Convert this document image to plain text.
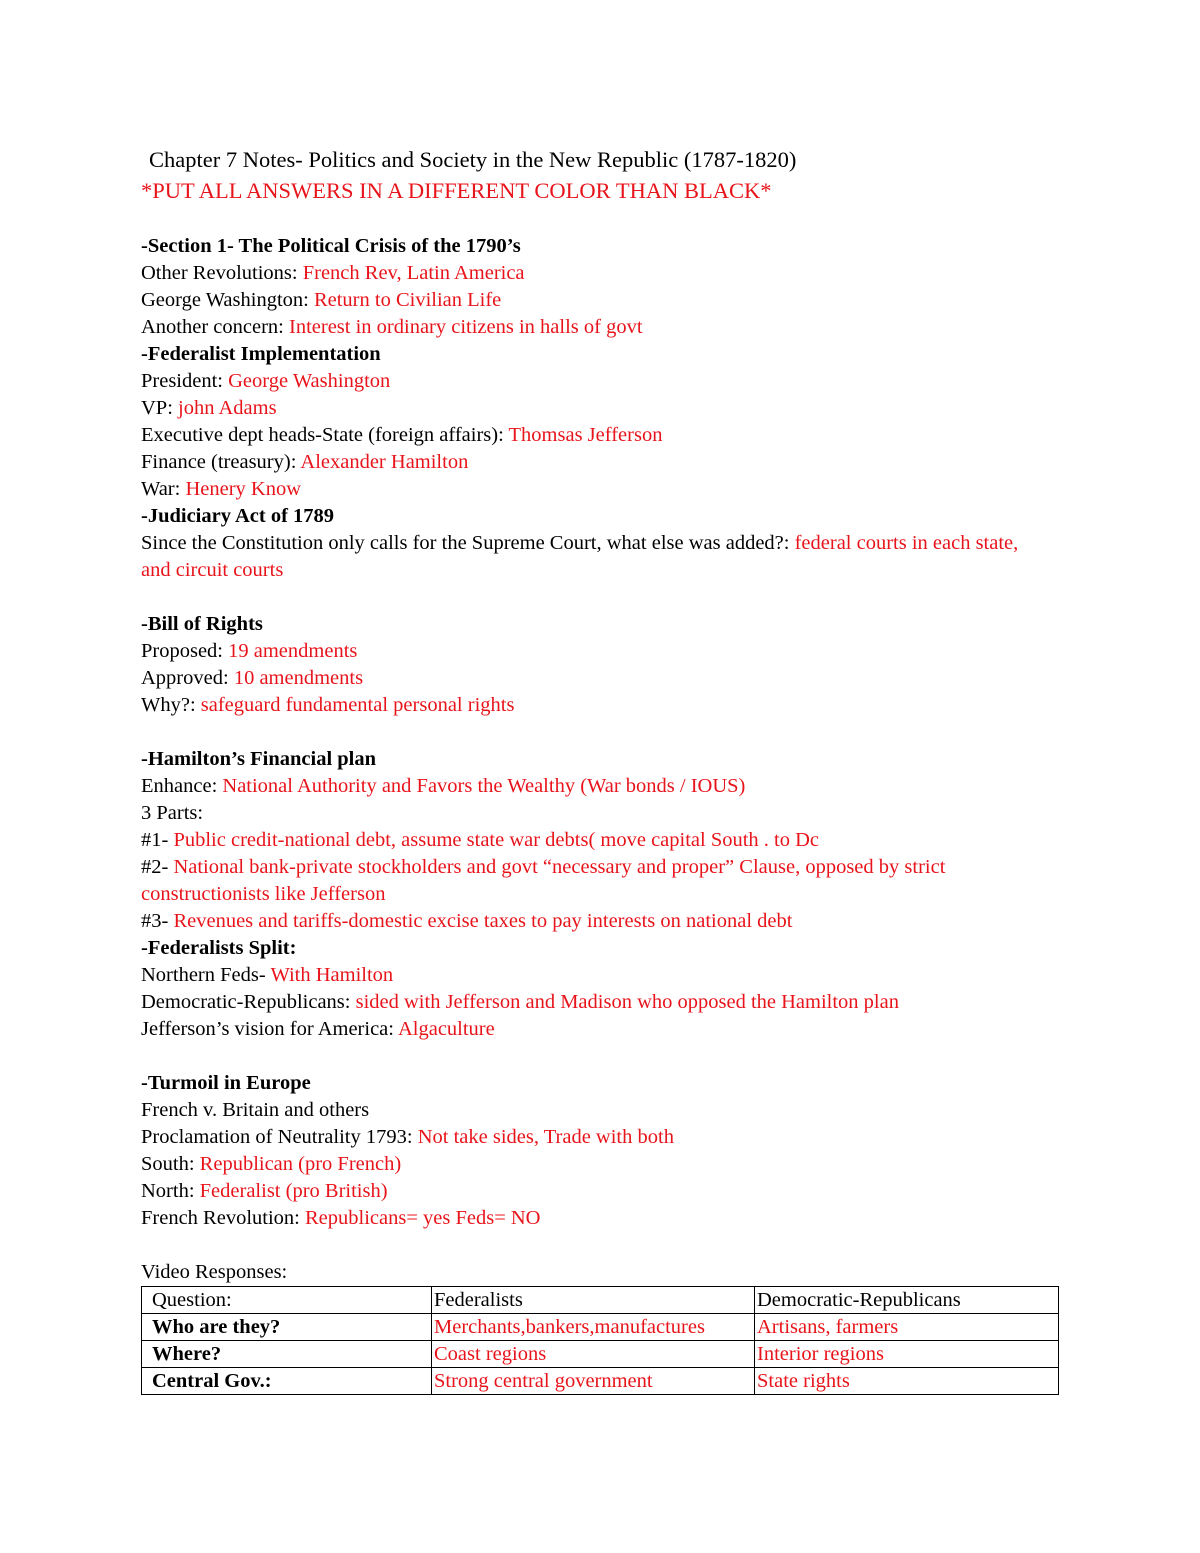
Chapter 7 Notes- Politics and Society in the New Republic (1787-1820)
*PUT ALL ANSWERS IN A DIFFERENT COLOR THAN BLACK*
-Section 1- The Political Crisis of the 1790’s
Other Revolutions: French Rev, Latin America
George Washington: Return to Civilian Life
Another concern: Interest in ordinary citizens in halls of govt
-Federalist Implementation
President: George Washington
VP: john Adams
Executive dept heads-State (foreign affairs): Thomsas Jefferson
Finance (treasury): Alexander Hamilton
War: Henery Know
-Judiciary Act of 1789
Since the Constitution only calls for the Supreme Court, what else was added?: federal courts in each state, and circuit courts
-Bill of Rights
Proposed: 19 amendments
Approved: 10 amendments
Why?: safeguard fundamental personal rights
-Hamilton’s Financial plan
Enhance: National Authority and Favors the Wealthy (War bonds / IOUS)
3 Parts:
#1- Public credit-national debt, assume state war debts( move capital South . to Dc
#2- National bank-private stockholders and govt “necessary and proper” Clause, opposed by strict constructionists like Jefferson
#3- Revenues and tariffs-domestic excise taxes to pay interests on national debt
-Federalists Split:
Northern Feds- With Hamilton
Democratic-Republicans: sided with Jefferson and Madison who opposed the Hamilton plan
Jefferson’s vision for America: Algaculture
-Turmoil in Europe
French v. Britain and others
Proclamation of Neutrality 1793: Not take sides, Trade with both
South: Republican (pro French)
North: Federalist (pro British)
French Revolution: Republicans= yes Feds= NO
Video Responses:
Question:	Federalists	Democratic-Republicans
Who are they?	Merchants,bankers,manufactures	Artisans, farmers
Where?	Coast regions	Interior regions
Central Gov.:	Strong central government	State rights
